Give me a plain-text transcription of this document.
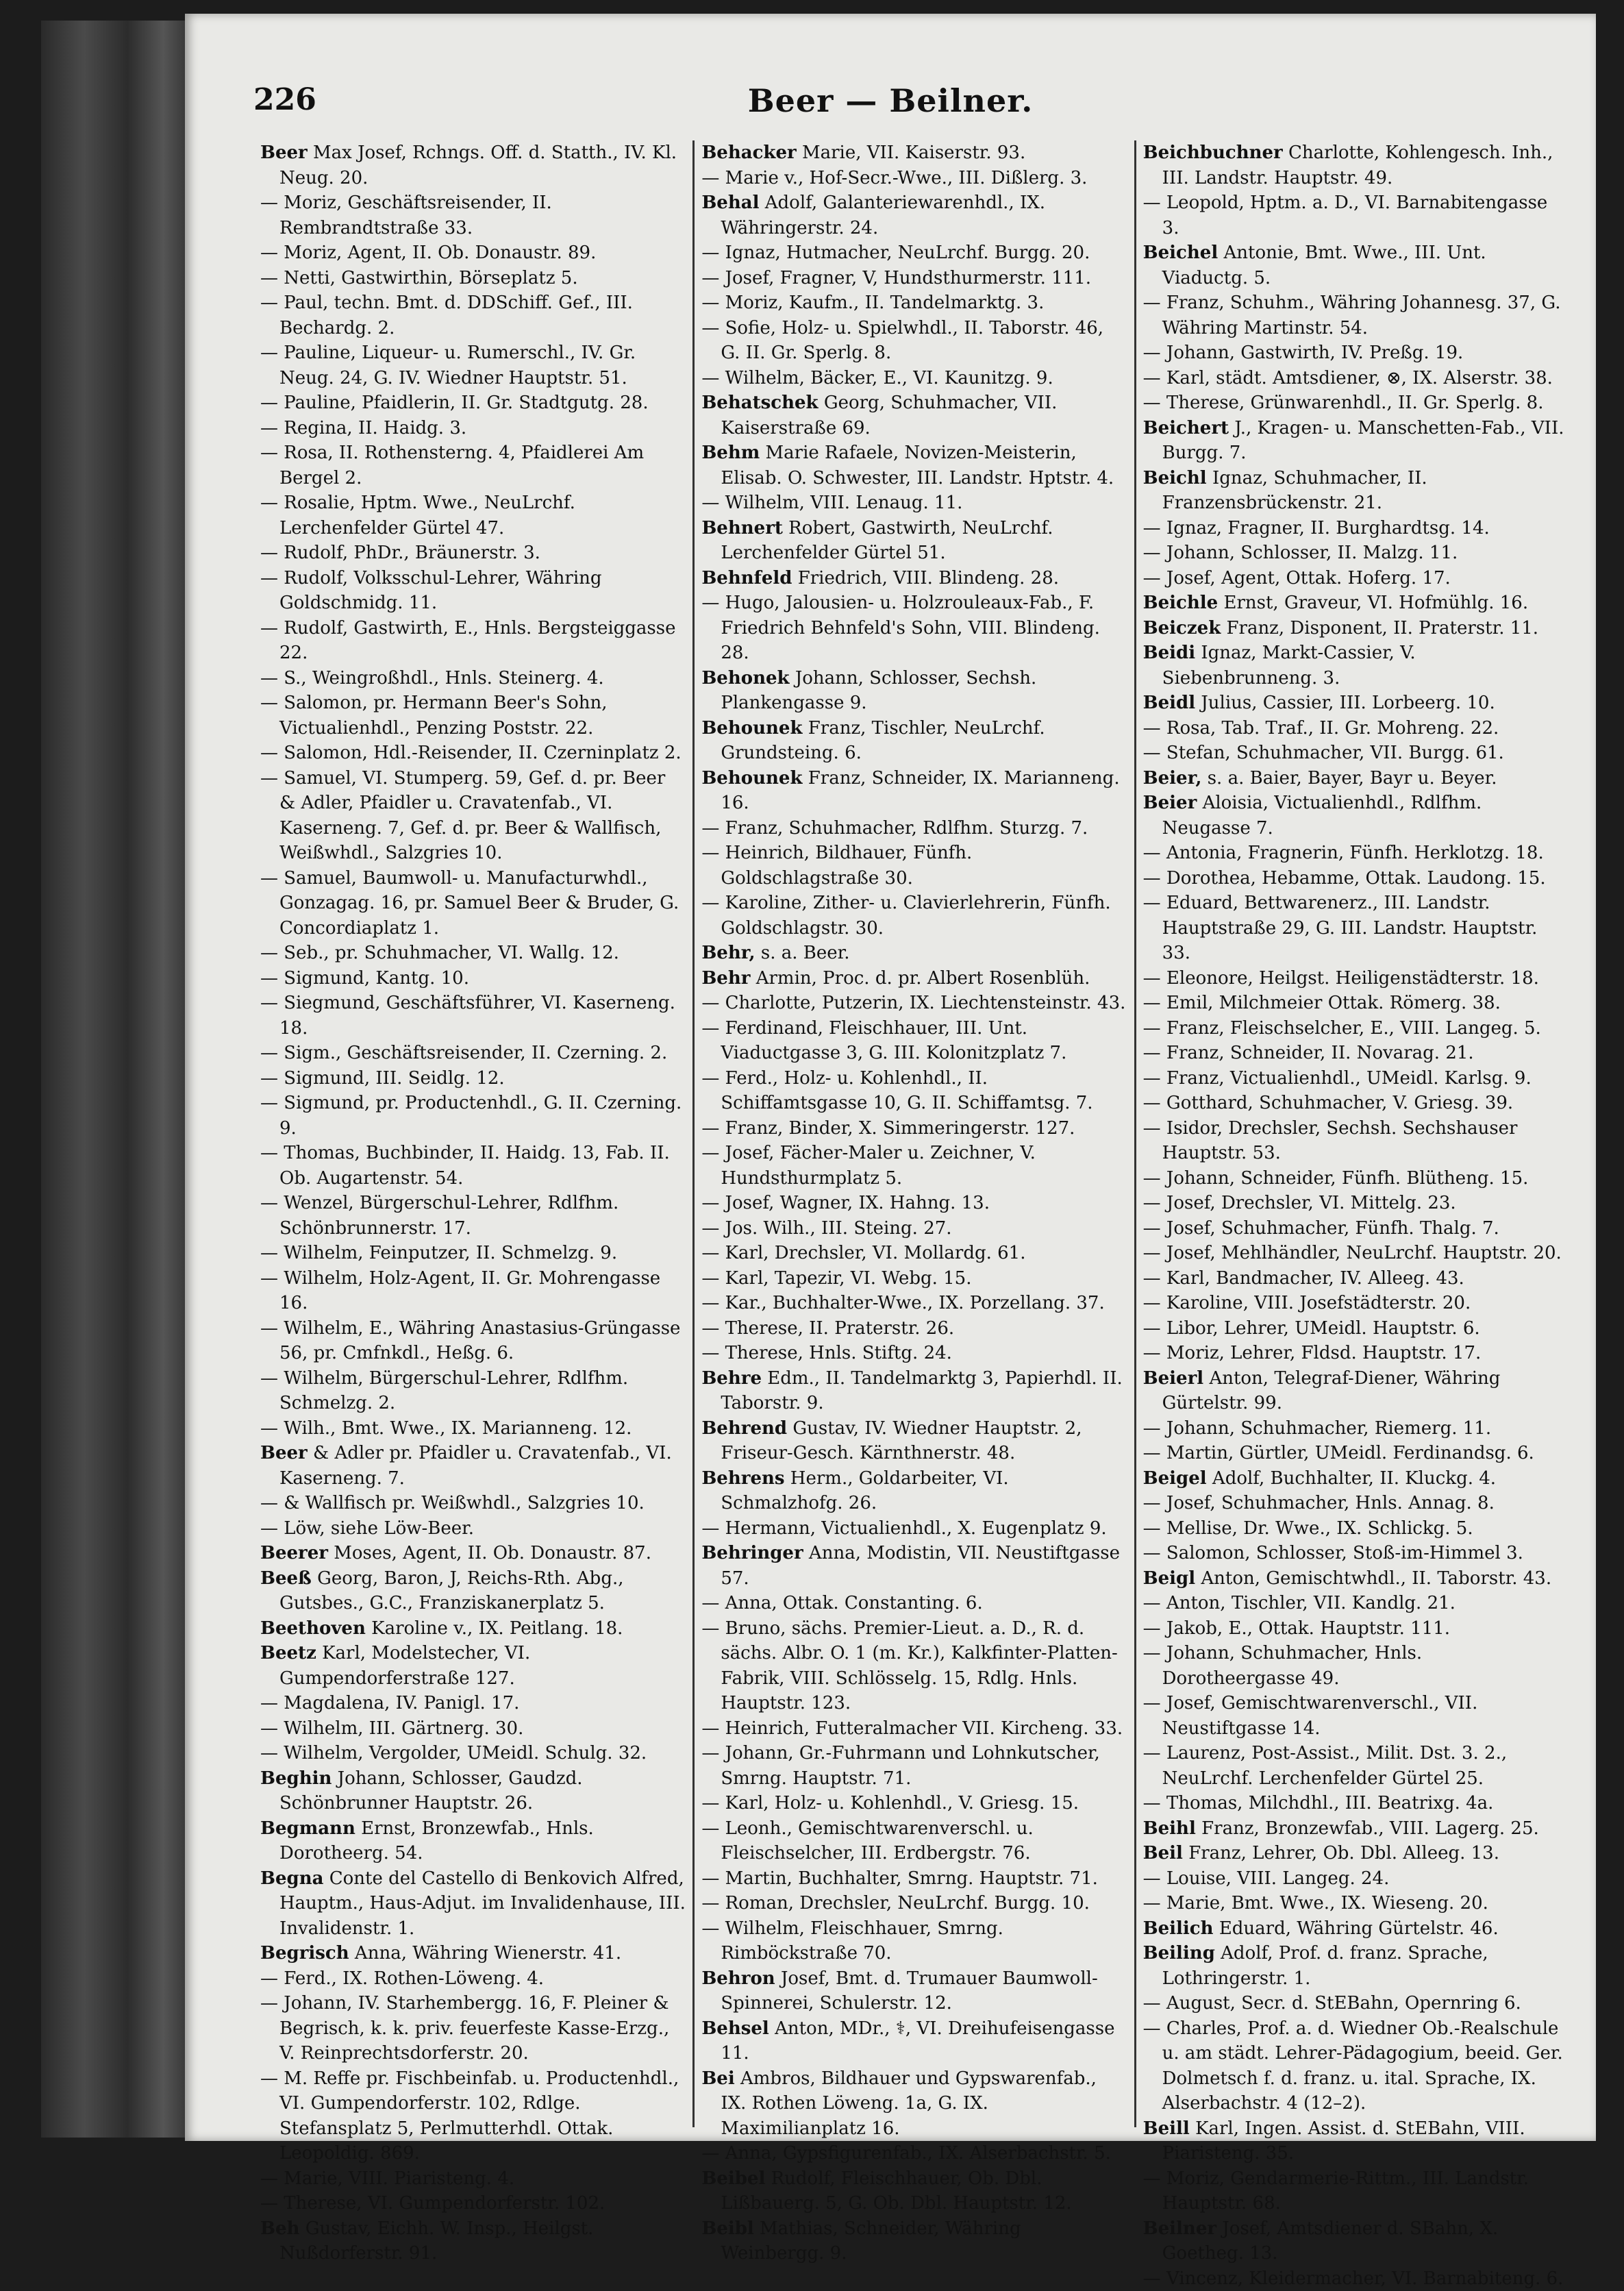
226	Beer — Beilner.
Beer Max Josef, Rchngs. Off. d. Statth., IV. Kl. Neug. 20.
— Moriz, Geschäftsreisender, II. Rembrandtstraße 33.
— Moriz, Agent, II. Ob. Donaustr. 89.
— Netti, Gastwirthin, Börseplatz 5.
— Paul, techn. Bmt. d. DDSchiff. Gef., III. Bechardg. 2.
— Pauline, Liqueur- u. Rumerschl., IV. Gr. Neug. 24, G. IV. Wiedner Hauptstr. 51.
— Pauline, Pfaidlerin, II. Gr. Stadtgutg. 28.
— Regina, II. Haidg. 3.
— Rosa, II. Rothensterng. 4, Pfaidlerei Am Bergel 2.
— Rosalie, Hptm. Wwe., NeuLrchf. Lerchenfelder Gürtel 47.
— Rudolf, PhDr., Bräunerstr. 3.
— Rudolf, Volksschul-Lehrer, Währing Goldschmidg. 11.
— Rudolf, Gastwirth, E., Hnls. Bergsteiggasse 22.
— S., Weingroßhdl., Hnls. Steinerg. 4.
— Salomon, pr. Hermann Beer's Sohn, Victualienhdl., Penzing Poststr. 22.
— Salomon, Hdl.-Reisender, II. Czerninplatz 2.
— Samuel, VI. Stumperg. 59, Gef. d. pr. Beer & Adler, Pfaidler u. Cravatenfab., VI. Kaserneng. 7, Gef. d. pr. Beer & Wallfisch, Weißwhdl., Salzgries 10.
— Samuel, Baumwoll- u. Manufacturwhdl., Gonzagag. 16, pr. Samuel Beer & Bruder, G. Concordiaplatz 1.
— Seb., pr. Schuhmacher, VI. Wallg. 12.
— Sigmund, Kantg. 10.
— Siegmund, Geschäftsführer, VI. Kaserneng. 18.
— Sigm., Geschäftsreisender, II. Czerning. 2.
— Sigmund, III. Seidlg. 12.
— Sigmund, pr. Productenhdl., G. II. Czerning. 9.
— Thomas, Buchbinder, II. Haidg. 13, Fab. II. Ob. Augartenstr. 54.
— Wenzel, Bürgerschul-Lehrer, Rdlfhm. Schönbrunnerstr. 17.
— Wilhelm, Feinputzer, II. Schmelzg. 9.
— Wilhelm, Holz-Agent, II. Gr. Mohrengasse 16.
— Wilhelm, E., Währing Anastasius-Grüngasse 56, pr. Cmfnkdl., Heßg. 6.
— Wilhelm, Bürgerschul-Lehrer, Rdlfhm. Schmelzg. 2.
— Wilh., Bmt. Wwe., IX. Marianneng. 12.
Beer & Adler pr. Pfaidler u. Cravatenfab., VI. Kaserneng. 7.
— & Wallfisch pr. Weißwhdl., Salzgries 10.
— Löw, siehe Löw-Beer.
Beerer Moses, Agent, II. Ob. Donaustr. 87.
Beeß Georg, Baron, J, Reichs-Rth. Abg., Gutsbes., G.C., Franziskanerplatz 5.
Beethoven Karoline v., IX. Peitlang. 18.
Beetz Karl, Modelstecher, VI. Gumpendorferstraße 127.
— Magdalena, IV. Panigl. 17.
— Wilhelm, III. Gärtnerg. 30.
— Wilhelm, Vergolder, UMeidl. Schulg. 32.
Beghin Johann, Schlosser, Gaudzd. Schönbrunner Hauptstr. 26.
Begmann Ernst, Bronzewfab., Hnls. Dorotheerg. 54.
Begna Conte del Castello di Benkovich Alfred, Hauptm., Haus-Adjut. im Invalidenhause, III. Invalidenstr. 1.
Begrisch Anna, Währing Wienerstr. 41.
— Ferd., IX. Rothen-Löweng. 4.
— Johann, IV. Starhembergg. 16, F. Pleiner & Begrisch, k. k. priv. feuerfeste Kasse-Erzg., V. Reinprechtsdorferstr. 20.
— M. Reffe pr. Fischbeinfab. u. Productenhdl., VI. Gumpendorferstr. 102, Rdlge. Stefansplatz 5, Perlmutterhdl. Ottak. Leopoldig. 869.
— Marie, VIII. Piaristeng. 4.
— Therese, VI. Gumpendorferstr. 102.
Beh Gustav, Eichh. W. Insp., Heilgst. Nußdorferstr. 91.
Behacker Marie, VII. Kaiserstr. 93.
— Marie v., Hof-Secr.-Wwe., III. Dißlerg. 3.
Behal Adolf, Galanteriewarenhdl., IX. Währingerstr. 24.
— Ignaz, Hutmacher, NeuLrchf. Burgg. 20.
— Josef, Fragner, V, Hundsthurmerstr. 111.
— Moriz, Kaufm., II. Tandelmarktg. 3.
— Sofie, Holz- u. Spielwhdl., II. Taborstr. 46, G. II. Gr. Sperlg. 8.
— Wilhelm, Bäcker, E., VI. Kaunitzg. 9.
Behatschek Georg, Schuhmacher, VII. Kaiserstraße 69.
Behm Marie Rafaele, Novizen-Meisterin, Elisab. O. Schwester, III. Landstr. Hptstr. 4.
— Wilhelm, VIII. Lenaug. 11.
Behnert Robert, Gastwirth, NeuLrchf. Lerchenfelder Gürtel 51.
Behnfeld Friedrich, VIII. Blindeng. 28.
— Hugo, Jalousien- u. Holzrouleaux-Fab., F. Friedrich Behnfeld's Sohn, VIII. Blindeng. 28.
Behonek Johann, Schlosser, Sechsh. Plankengasse 9.
Behounek Franz, Tischler, NeuLrchf. Grundsteing. 6.
Behounek Franz, Schneider, IX. Marianneng. 16.
— Franz, Schuhmacher, Rdlfhm. Sturzg. 7.
— Heinrich, Bildhauer, Fünfh. Goldschlagstraße 30.
— Karoline, Zither- u. Clavierlehrerin, Fünfh. Goldschlagstr. 30.
Behr, s. a. Beer.
Behr Armin, Proc. d. pr. Albert Rosenblüh.
— Charlotte, Putzerin, IX. Liechtensteinstr. 43.
— Ferdinand, Fleischhauer, III. Unt. Viaductgasse 3, G. III. Kolonitzplatz 7.
— Ferd., Holz- u. Kohlenhdl., II. Schiffamtsgasse 10, G. II. Schiffamtsg. 7.
— Franz, Binder, X. Simmeringerstr. 127.
— Josef, Fächer-Maler u. Zeichner, V. Hundsthurmplatz 5.
— Josef, Wagner, IX. Hahng. 13.
— Jos. Wilh., III. Steing. 27.
— Karl, Drechsler, VI. Mollardg. 61.
— Karl, Tapezir, VI. Webg. 15.
— Kar., Buchhalter-Wwe., IX. Porzellang. 37.
— Therese, II. Praterstr. 26.
— Therese, Hnls. Stiftg. 24.
Behre Edm., II. Tandelmarktg 3, Papierhdl. II. Taborstr. 9.
Behrend Gustav, IV. Wiedner Hauptstr. 2, Friseur-Gesch. Kärnthnerstr. 48.
Behrens Herm., Goldarbeiter, VI. Schmalzhofg. 26.
— Hermann, Victualienhdl., X. Eugenplatz 9.
Behringer Anna, Modistin, VII. Neustiftgasse 57.
— Anna, Ottak. Constanting. 6.
— Bruno, sächs. Premier-Lieut. a. D., R. d. sächs. Albr. O. 1 (m. Kr.), Kalkfinter-Platten-Fabrik, VIII. Schlösselg. 15, Rdlg. Hnls. Hauptstr. 123.
— Heinrich, Futteralmacher VII. Kircheng. 33.
— Johann, Gr.-Fuhrmann und Lohnkutscher, Smrng. Hauptstr. 71.
— Karl, Holz- u. Kohlenhdl., V. Griesg. 15.
— Leonh., Gemischtwarenverschl. u. Fleischselcher, III. Erdbergstr. 76.
— Martin, Buchhalter, Smrng. Hauptstr. 71.
— Roman, Drechsler, NeuLrchf. Burgg. 10.
— Wilhelm, Fleischhauer, Smrng. Rimböckstraße 70.
Behron Josef, Bmt. d. Trumauer Baumwoll-Spinnerei, Schulerstr. 12.
Behsel Anton, MDr., ⚕, VI. Dreihufeisengasse 11.
Bei Ambros, Bildhauer und Gypswarenfab., IX. Rothen Löweng. 1a, G. IX. Maximilianplatz 16.
— Anna, Gypsfigurenfab., IX. Alserbachstr. 5.
Beibel Rudolf, Fleischhauer, Ob. Dbl. Lißbauerg. 5, G. Ob. Dbl. Hauptstr. 12.
Beibl Mathias, Schneider, Währing Weinbergg. 9.
Beichbuchner Charlotte, Kohlengesch. Inh., III. Landstr. Hauptstr. 49.
— Leopold, Hptm. a. D., VI. Barnabitengasse 3.
Beichel Antonie, Bmt. Wwe., III. Unt. Viaductg. 5.
— Franz, Schuhm., Währing Johannesg. 37, G. Währing Martinstr. 54.
— Johann, Gastwirth, IV. Preßg. 19.
— Karl, städt. Amtsdiener, ⊗, IX. Alserstr. 38.
— Therese, Grünwarenhdl., II. Gr. Sperlg. 8.
Beichert J., Kragen- u. Manschetten-Fab., VII. Burgg. 7.
Beichl Ignaz, Schuhmacher, II. Franzensbrückenstr. 21.
— Ignaz, Fragner, II. Burghardtsg. 14.
— Johann, Schlosser, II. Malzg. 11.
— Josef, Agent, Ottak. Hoferg. 17.
Beichle Ernst, Graveur, VI. Hofmühlg. 16.
Beiczek Franz, Disponent, II. Praterstr. 11.
Beidi Ignaz, Markt-Cassier, V. Siebenbrunneng. 3.
Beidl Julius, Cassier, III. Lorbeerg. 10.
— Rosa, Tab. Traf., II. Gr. Mohreng. 22.
— Stefan, Schuhmacher, VII. Burgg. 61.
Beier, s. a. Baier, Bayer, Bayr u. Beyer.
Beier Aloisia, Victualienhdl., Rdlfhm. Neugasse 7.
— Antonia, Fragnerin, Fünfh. Herklotzg. 18.
— Dorothea, Hebamme, Ottak. Laudong. 15.
— Eduard, Bettwarenerz., III. Landstr. Hauptstraße 29, G. III. Landstr. Hauptstr. 33.
— Eleonore, Heilgst. Heiligenstädterstr. 18.
— Emil, Milchmeier Ottak. Römerg. 38.
— Franz, Fleischselcher, E., VIII. Langeg. 5.
— Franz, Schneider, II. Novarag. 21.
— Franz, Victualienhdl., UMeidl. Karlsg. 9.
— Gotthard, Schuhmacher, V. Griesg. 39.
— Isidor, Drechsler, Sechsh. Sechshauser Hauptstr. 53.
— Johann, Schneider, Fünfh. Blütheng. 15.
— Josef, Drechsler, VI. Mittelg. 23.
— Josef, Schuhmacher, Fünfh. Thalg. 7.
— Josef, Mehlhändler, NeuLrchf. Hauptstr. 20.
— Karl, Bandmacher, IV. Alleeg. 43.
— Karoline, VIII. Josefstädterstr. 20.
— Libor, Lehrer, UMeidl. Hauptstr. 6.
— Moriz, Lehrer, Fldsd. Hauptstr. 17.
Beierl Anton, Telegraf-Diener, Währing Gürtelstr. 99.
— Johann, Schuhmacher, Riemerg. 11.
— Martin, Gürtler, UMeidl. Ferdinandsg. 6.
Beigel Adolf, Buchhalter, II. Kluckg. 4.
— Josef, Schuhmacher, Hnls. Annag. 8.
— Mellise, Dr. Wwe., IX. Schlickg. 5.
— Salomon, Schlosser, Stoß-im-Himmel 3.
Beigl Anton, Gemischtwhdl., II. Taborstr. 43.
— Anton, Tischler, VII. Kandlg. 21.
— Jakob, E., Ottak. Hauptstr. 111.
— Johann, Schuhmacher, Hnls. Dorotheergasse 49.
— Josef, Gemischtwarenverschl., VII. Neustiftgasse 14.
— Laurenz, Post-Assist., Milit. Dst. 3. 2., NeuLrchf. Lerchenfelder Gürtel 25.
— Thomas, Milchdhl., III. Beatrixg. 4a.
Beihl Franz, Bronzewfab., VIII. Lagerg. 25.
Beil Franz, Lehrer, Ob. Dbl. Alleeg. 13.
— Louise, VIII. Langeg. 24.
— Marie, Bmt. Wwe., IX. Wieseng. 20.
Beilich Eduard, Währing Gürtelstr. 46.
Beiling Adolf, Prof. d. franz. Sprache, Lothringerstr. 1.
— August, Secr. d. StEBahn, Opernring 6.
— Charles, Prof. a. d. Wiedner Ob.-Realschule u. am städt. Lehrer-Pädagogium, beeid. Ger. Dolmetsch f. d. franz. u. ital. Sprache, IX. Alserbachstr. 4 (12–2).
Beill Karl, Ingen. Assist. d. StEBahn, VIII. Piaristeng. 35.
— Moriz, Gendarmerie-Rittm., III. Landstr. Hauptstr. 68.
Beilner Josef, Amtsdiener d. SBahn, X. Goetheg. 13.
— Vincenz, Kleidermacher, VI. Barnabiteng. 6.
